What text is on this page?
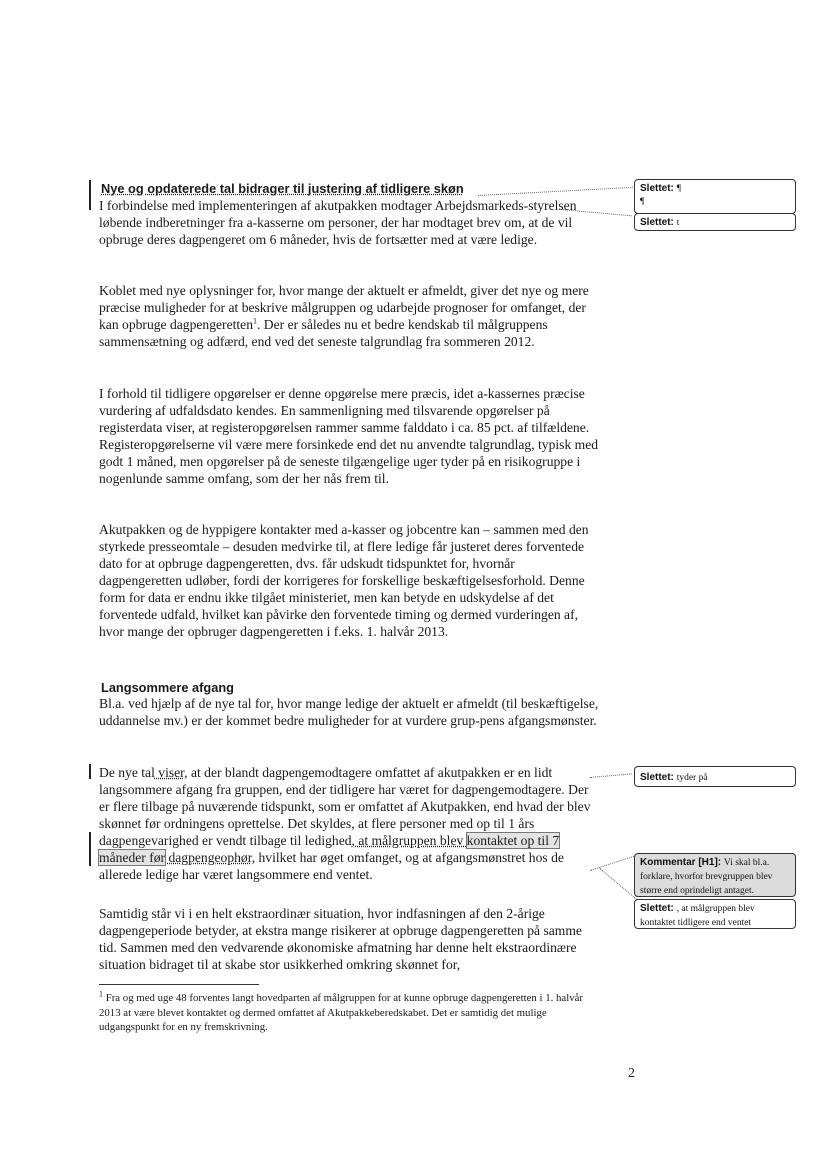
Nye og opdaterede tal bidrager til justering af tidligere skøn

I forbindelse med implementeringen af akutpakken modtager Arbejdsmarkeds-styrelsen løbende indberetninger fra a-kasserne om personer, der har modtaget brev om, at de vil opbruge deres dagpengeret om 6 måneder, hvis de fortsætter med at være ledige.

Koblet med nye oplysninger for, hvor mange der aktuelt er afmeldt, giver det nye og mere præcise muligheder for at beskrive målgruppen og udarbejde prognoser for omfanget, der kan opbruge dagpengeretten$^1$. Der er således nu et bedre kendskab til målgruppens sammensætning og adfærd, end ved det seneste talgrundlag fra sommeren 2012.

I forhold til tidligere opgørelser er denne opgørelse mere præcis, idet a-kassernes præcise vurdering af udfaldsdato kendes. En sammenligning med tilsvarende opgørelser på registerdata viser, at registeropgørelsen rammer samme falddato i ca. 85 pct. af tilfældene. Registeropgørelserne vil være mere forsinkede end det nu anvendte talgrundlag, typisk med godt 1 måned, men opgørelser på de seneste tilgængelige uger tyder på en risikogruppe i nogenlunde samme omfang, som der her nås frem til.

Akutpakken og de hyppigere kontakter med a-kasser og jobcentre kan – sammen med den styrkede presseomtale – desuden medvirke til, at flere ledige får justeret deres forventede dato for at opbruge dagpengeretten, dvs. får udskudt tidspunktet for, hvornår dagpengeretten udløber, fordi der korrigeres for forskellige beskæftigelsesforhold. Denne form for data er endnu ikke tilgået ministeriet, men kan betyde en udskydelse af det forventede udfald, hvilket kan påvirke den forventede timing og dermed vurderingen af, hvor mange der opbruger dagpengeretten i f.eks. 1. halvår 2013.

Langsommere afgang

Bl.a. ved hjælp af de nye tal for, hvor mange ledige der aktuelt er afmeldt (til beskæftigelse, uddannelse mv.) er der kommet bedre muligheder for at vurdere grup-pens afgangsmønster.

De nye tal viser, at der blandt dagpengemodtagere omfattet af akutpakken er en lidt langsommere afgang fra gruppen, end der tidligere har været for dagpengemodtagere. Der er flere tilbage på nuværende tidspunkt, som er omfattet af Akutpakken, end hvad der blev skønnet før ordningens oprettelse. Det skyldes, at flere personer med op til 1 års dagpengevarighed er vendt tilbage til ledighed, at målgruppen blev kontaktet op til 7 måneder før dagpengeophør, hvilket har øget omfanget, og at afgangsmønstret hos de allerede ledige har været langsommere end ventet.

Samtidig står vi i en helt ekstraordinær situation, hvor indfasningen af den 2-årige dagpengeperiode betyder, at ekstra mange risikerer at opbruge dagpengeretten på samme tid. Sammen med den vedvarende økonomiske afmatning har denne helt ekstraordinære situation bidraget til at skabe stor usikkerhed omkring skønnet for,

$^1$ Fra og med uge 48 forventes langt hovedparten af målgruppen for at kunne opbruge dagpengeretten i 1. halvår 2013 at være blevet kontaktet og dermed omfattet af Akutpakkeberedskabet. Det er samtidig det mulige udgangspunkt for en ny fremskrivning.
2
Slettet: ¶
¶
Slettet: t
Slettet: tyder på
Kommentar [H1]: Vi skal bl.a. forklare, hvorfor brevgruppen blev større end oprindeligt antaget.
Slettet: , at målgruppen blev kontaktet tidligere end ventet
